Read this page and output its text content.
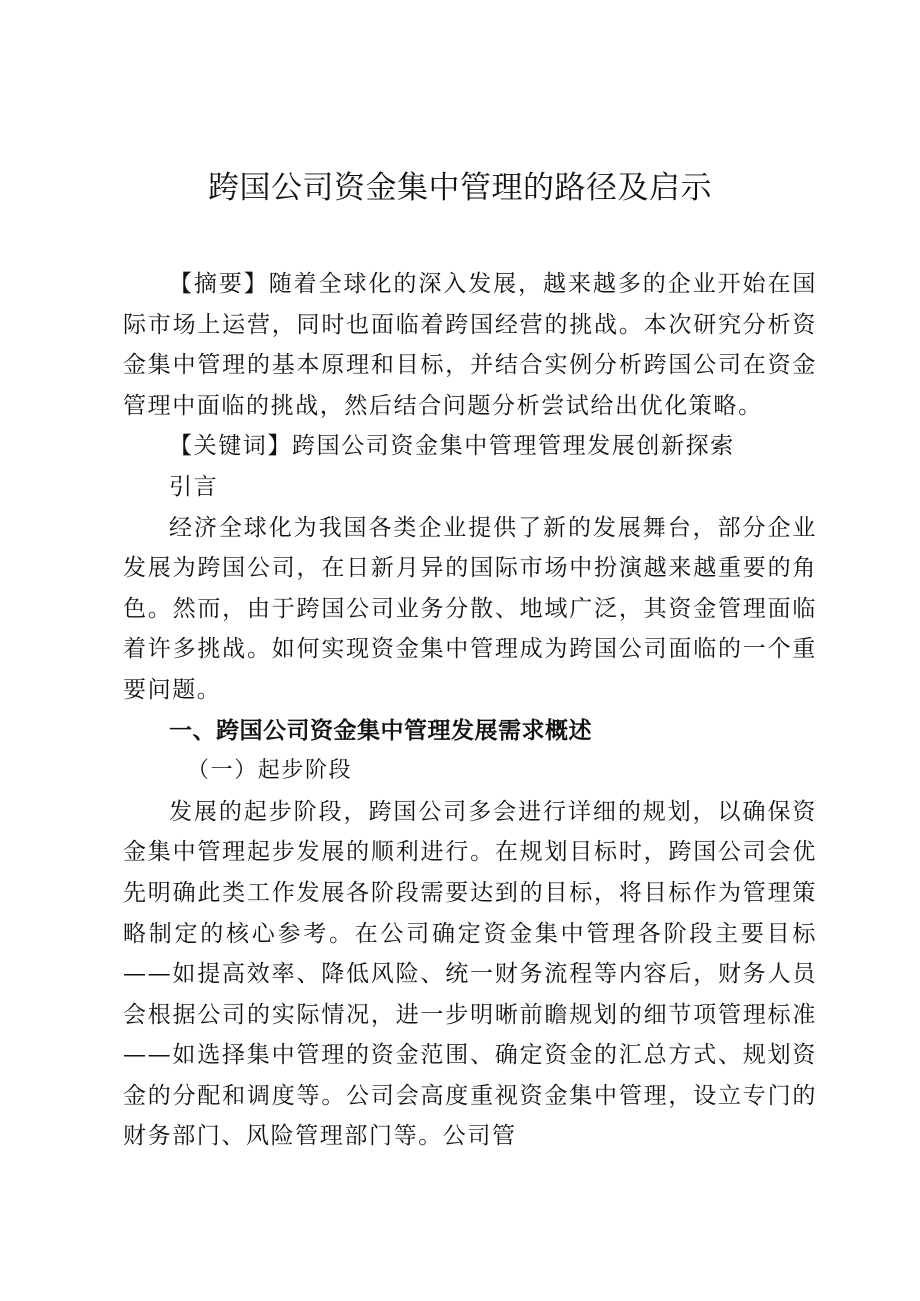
跨国公司资金集中管理的路径及启示

【摘要】随着全球化的深入发展，越来越多的企业开始在国际市场上运营，同时也面临着跨国经营的挑战。本次研究分析资金集中管理的基本原理和目标，并结合实例分析跨国公司在资金管理中面临的挑战，然后结合问题分析尝试给出优化策略。

【关键词】跨国公司资金集中管理管理发展创新探索

引言

经济全球化为我国各类企业提供了新的发展舞台，部分企业发展为跨国公司，在日新月异的国际市场中扮演越来越重要的角色。然而，由于跨国公司业务分散、地域广泛，其资金管理面临着许多挑战。如何实现资金集中管理成为跨国公司面临的一个重要问题。

一、跨国公司资金集中管理发展需求概述
（一）起步阶段

发展的起步阶段，跨国公司多会进行详细的规划，以确保资金集中管理起步发展的顺利进行。在规划目标时，跨国公司会优先明确此类工作发展各阶段需要达到的目标，将目标作为管理策略制定的核心参考。在公司确定资金集中管理各阶段主要目标——如提高效率、降低风险、统一财务流程等内容后，财务人员会根据公司的实际情况，进一步明晰前瞻规划的细节项管理标准——如选择集中管理的资金范围、确定资金的汇总方式、规划资金的分配和调度等。公司会高度重视资金集中管理，设立专门的财务部门、风险管理部门等。公司管
